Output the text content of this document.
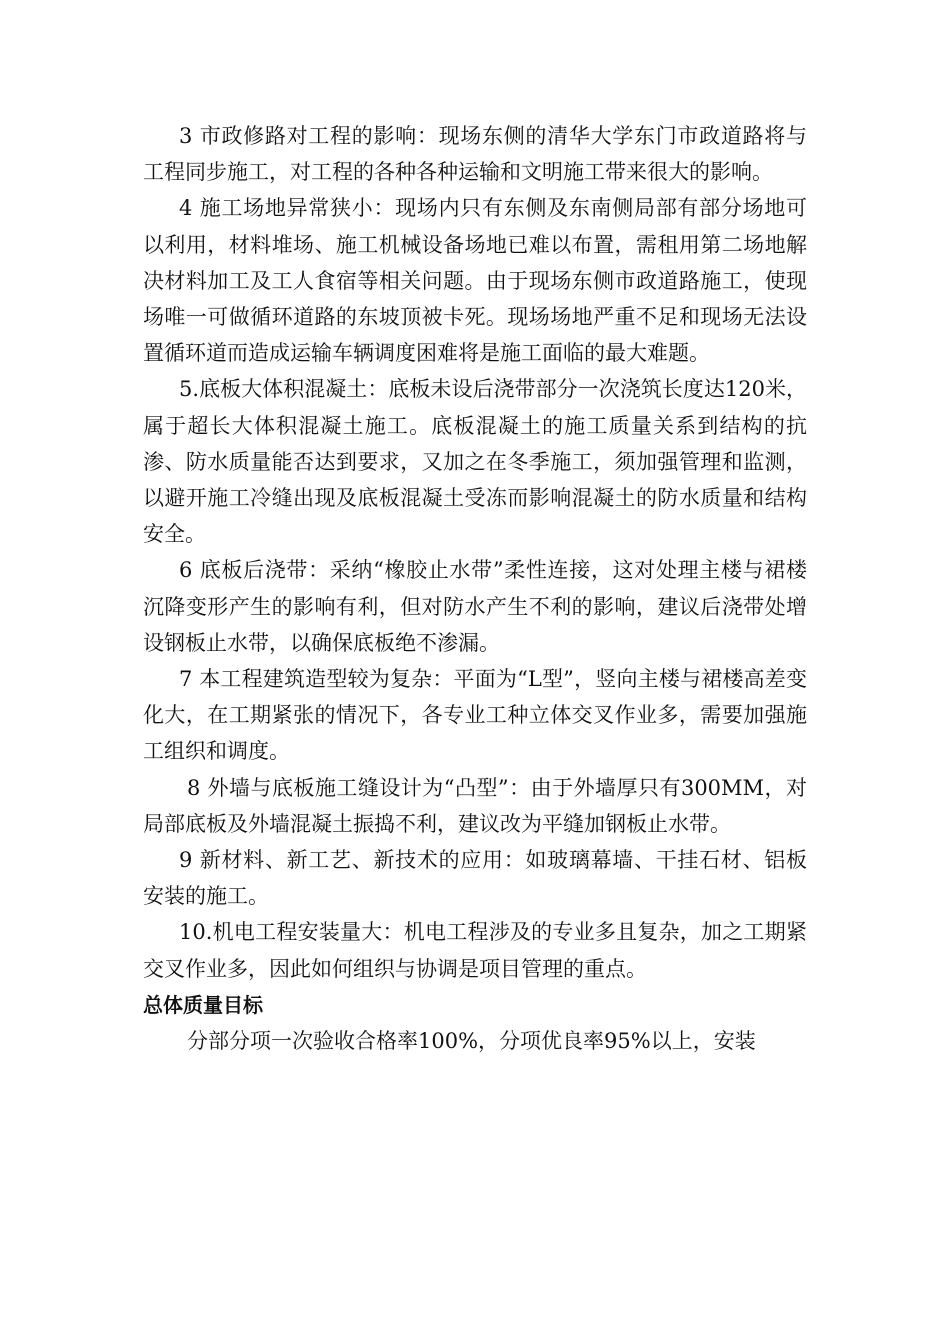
3 市政修路对工程的影响：现场东侧的清华大学东门市政道路将与工程同步施工，对工程的各种各种运输和文明施工带来很大的影响。

4 施工场地异常狭小：现场内只有东侧及东南侧局部有部分场地可以利用，材料堆场、施工机械设备场地已难以布置，需租用第二场地解决材料加工及工人食宿等相关问题。由于现场东侧市政道路施工，使现场唯一可做循环道路的东坡顶被卡死。现场场地严重不足和现场无法设置循环道而造成运输车辆调度困难将是施工面临的最大难题。

5.底板大体积混凝土：底板未设后浇带部分一次浇筑长度达120米，属于超长大体积混凝土施工。底板混凝土的施工质量关系到结构的抗渗、防水质量能否达到要求，又加之在冬季施工，须加强管理和监测，以避开施工冷缝出现及底板混凝土受冻而影响混凝土的防水质量和结构安全。

6 底板后浇带：采纳“橡胶止水带”柔性连接，这对处理主楼与裙楼沉降变形产生的影响有利，但对防水产生不利的影响，建议后浇带处增设钢板止水带，以确保底板绝不渗漏。

7 本工程建筑造型较为复杂：平面为“L型”，竖向主楼与裙楼高差变化大，在工期紧张的情况下，各专业工种立体交叉作业多，需要加强施工组织和调度。

8 外墙与底板施工缝设计为“凸型”：由于外墙厚只有300MM，对局部底板及外墙混凝土振捣不利，建议改为平缝加钢板止水带。

9 新材料、新工艺、新技术的应用：如玻璃幕墙、干挂石材、铝板安装的施工。

10.机电工程安装量大：机电工程涉及的专业多且复杂，加之工期紧交叉作业多，因此如何组织与协调是项目管理的重点。

总体质量目标

分部分项一次验收合格率100%，分项优良率95%以上，安装
